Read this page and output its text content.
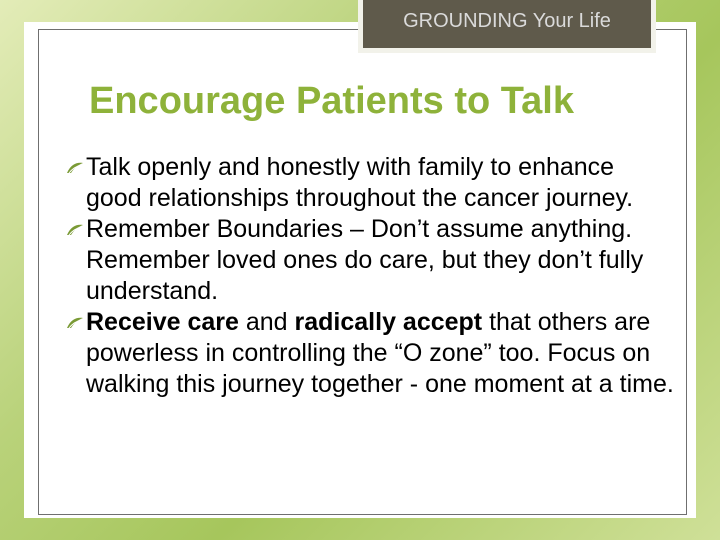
GROUNDING Your Life
Encourage Patients to Talk

Talk openly and honestly with family to enhance good relationships throughout the cancer journey.

Remember Boundaries – Don’t assume anything. Remember loved ones do care, but they don’t fully understand.

Receive care and radically accept that others are powerless in controlling the “O zone” too. Focus on walking this journey together - one moment at a time.
